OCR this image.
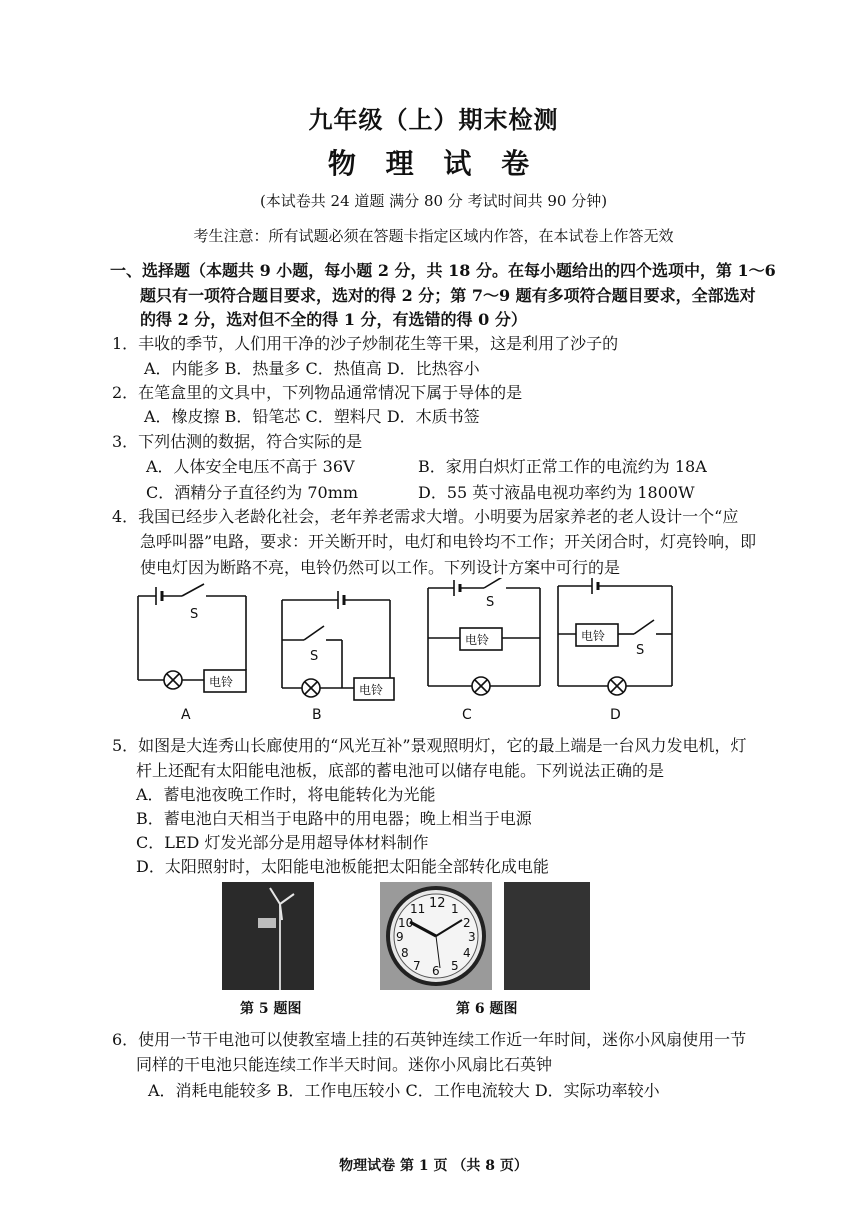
九年级（上）期末检测
物 理 试 卷
(本试卷共 24 道题 满分 80 分 考试时间共 90 分钟)
考生注意：所有试题必须在答题卡指定区域内作答，在本试卷上作答无效
一、选择题（本题共 9 小题，每小题 2 分，共 18 分。在每小题给出的四个选项中，第 1～6
题只有一项符合题目要求，选对的得 2 分；第 7～9 题有多项符合题目要求，全部选对
的得 2 分，选对但不全的得 1 分，有选错的得 0 分）
1．丰收的季节，人们用干净的沙子炒制花生等干果，这是利用了沙子的
A．内能多 B．热量多 C．热值高 D．比热容小
2．在笔盒里的文具中，下列物品通常情况下属于导体的是
A．橡皮擦 B．铅笔芯 C．塑料尺 D．木质书签
3．下列估测的数据，符合实际的是
A．人体安全电压不高于 36V	B．家用白炽灯正常工作的电流约为 18A
C．酒精分子直径约为 70mm	D．55 英寸液晶电视功率约为 1800W
4．我国已经步入老龄化社会，老年养老需求大增。小明要为居家养老的老人设计一个“应
急呼叫器”电路，要求：开关断开时，电灯和电铃均不工作；开关闭合时，灯亮铃响，即
使电灯因为断路不亮，电铃仍然可以工作。下列设计方案中可行的是
S
电铃
A
S
电铃
B
S
电铃
C
电铃
S
D
5．如图是大连秀山长廊使用的“风光互补”景观照明灯，它的最上端是一台风力发电机，灯
杆上还配有太阳能电池板，底部的蓄电池可以储存电能。下列说法正确的是
A．蓄电池夜晚工作时，将电能转化为光能
B．蓄电池白天相当于电路中的用电器；晚上相当于电源
C．LED 灯发光部分是用超导体材料制作
D．太阳照射时，太阳能电池板能把太阳能全部转化成电能
12 1
2
3
4
5
6
7
8
9
10
11
第 5 题图	第 6 题图
6．使用一节干电池可以使教室墙上挂的石英钟连续工作近一年时间，迷你小风扇使用一节
同样的干电池只能连续工作半天时间。迷你小风扇比石英钟
A．消耗电能较多 B．工作电压较小 C．工作电流较大 D．实际功率较小
物理试卷 第 1 页 （共 8 页）
